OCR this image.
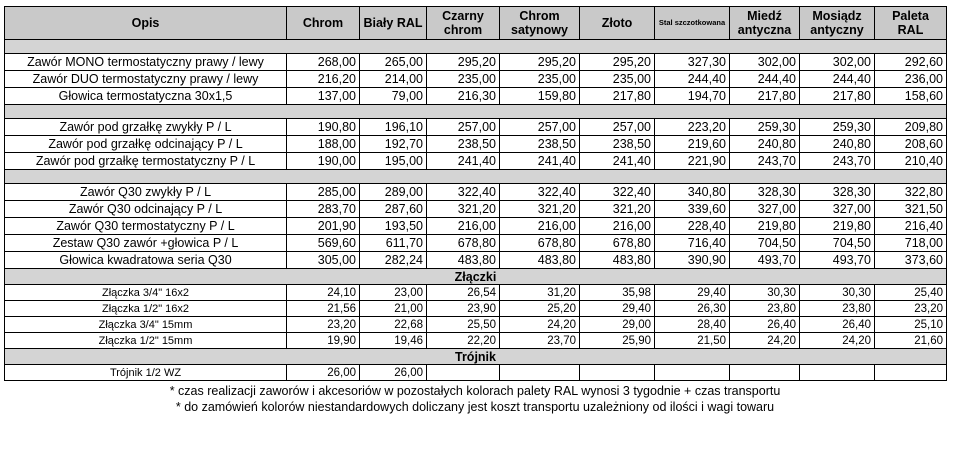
Opis	Chrom	Biały RAL	Czarny chrom	Chrom satynowy	Złoto	Stal szczotkowana	Miedź antyczna	Mosiądz antyczny	Paleta RAL

Zawór MONO termostatyczny prawy / lewy	268,00	265,00	295,20	295,20	295,20	327,30	302,00	302,00	292,60
Zawór DUO termostatyczny prawy / lewy	216,20	214,00	235,00	235,00	235,00	244,40	244,40	244,40	236,00
Głowica termostatyczna 30x1,5	137,00	79,00	216,30	159,80	217,80	194,70	217,80	217,80	158,60

Zawór pod grzałkę zwykły P / L	190,80	196,10	257,00	257,00	257,00	223,20	259,30	259,30	209,80
Zawór pod grzałkę odcinający P / L	188,00	192,70	238,50	238,50	238,50	219,60	240,80	240,80	208,60
Zawór pod grzałkę termostatyczny P / L	190,00	195,00	241,40	241,40	241,40	221,90	243,70	243,70	210,40

Zawór Q30 zwykły P / L	285,00	289,00	322,40	322,40	322,40	340,80	328,30	328,30	322,80
Zawór Q30 odcinający P / L	283,70	287,60	321,20	321,20	321,20	339,60	327,00	327,00	321,50
Zawór Q30 termostatyczny P / L	201,90	193,50	216,00	216,00	216,00	228,40	219,80	219,80	216,40
Zestaw Q30 zawór +głowica P / L	569,60	611,70	678,80	678,80	678,80	716,40	704,50	704,50	718,00
Głowica kwadratowa seria Q30	305,00	282,24	483,80	483,80	483,80	390,90	493,70	493,70	373,60
Złączki									
Złączka 3/4" 16x2	24,10	23,00	26,54	31,20	35,98	29,40	30,30	30,30	25,40
Złączka 1/2" 16x2	21,56	21,00	23,90	25,20	29,40	26,30	23,80	23,80	23,20
Złączka 3/4" 15mm	23,20	22,68	25,50	24,20	29,00	28,40	26,40	26,40	25,10
Złączka 1/2" 15mm	19,90	19,46	22,20	23,70	25,90	21,50	24,20	24,20	21,60
Trójnik									
Trójnik 1/2 WZ	26,00	26,00							
* czas realizacji zaworów i akcesoriów w pozostałych kolorach palety RAL wynosi 3 tygodnie + czas transportu
* do zamówień kolorów niestandardowych doliczany jest koszt transportu uzależniony od ilości i wagi towaru
